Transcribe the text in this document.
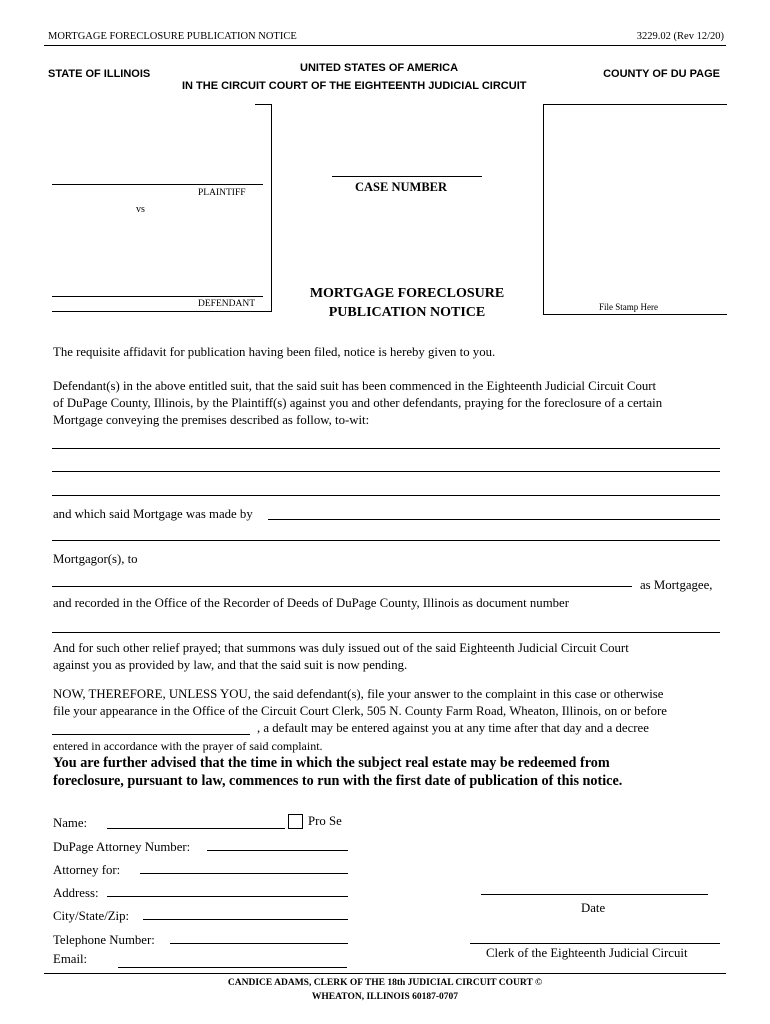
MORTGAGE FORECLOSURE PUBLICATION NOTICE	3229.02 (Rev 12/20)
STATE OF ILLINOIS	UNITED STATES OF AMERICA
IN THE CIRCUIT COURT OF THE EIGHTEENTH JUDICIAL CIRCUIT
COUNTY OF DU PAGE
PLAINTIFF
vs
DEFENDANT
CASE NUMBER
MORTGAGE FORECLOSURE
PUBLICATION NOTICE	File Stamp Here
The requisite affidavit for publication having been filed, notice is hereby given to you.
Defendant(s) in the above entitled suit, that the said suit has been commenced in the Eighteenth Judicial Circuit Court
of DuPage County, Illinois, by the Plaintiff(s) against you and other defendants, praying for the foreclosure of a certain
Mortgage conveying the premises described as follow, to-wit:
and which said Mortgage was made by
Mortgagor(s), to
as Mortgagee,
and recorded in the Office of the Recorder of Deeds of DuPage County, Illinois as document number
And for such other relief prayed; that summons was duly issued out of the said Eighteenth Judicial Circuit Court
against you as provided by law, and that the said suit is now pending.
NOW, THEREFORE, UNLESS YOU, the said defendant(s), file your answer to the complaint in this case or otherwise
file your appearance in the Office of the Circuit Court Clerk, 505 N. County Farm Road, Wheaton, Illinois, on or before
, a default may be entered against you at any time after that day and a decree
entered in accordance with the prayer of said complaint.
You are further advised that the time in which the subject real estate may be redeemed from
foreclosure, pursuant to law, commences to run with the first date of publication of this notice.
Name:	Pro Se
DuPage Attorney Number:
Attorney for:
Address:
City/State/Zip:
Telephone Number:
Email:
Date
Clerk of the Eighteenth Judicial Circuit
CANDICE ADAMS, CLERK OF THE 18th JUDICIAL CIRCUIT COURT ©
WHEATON, ILLINOIS 60187-0707
